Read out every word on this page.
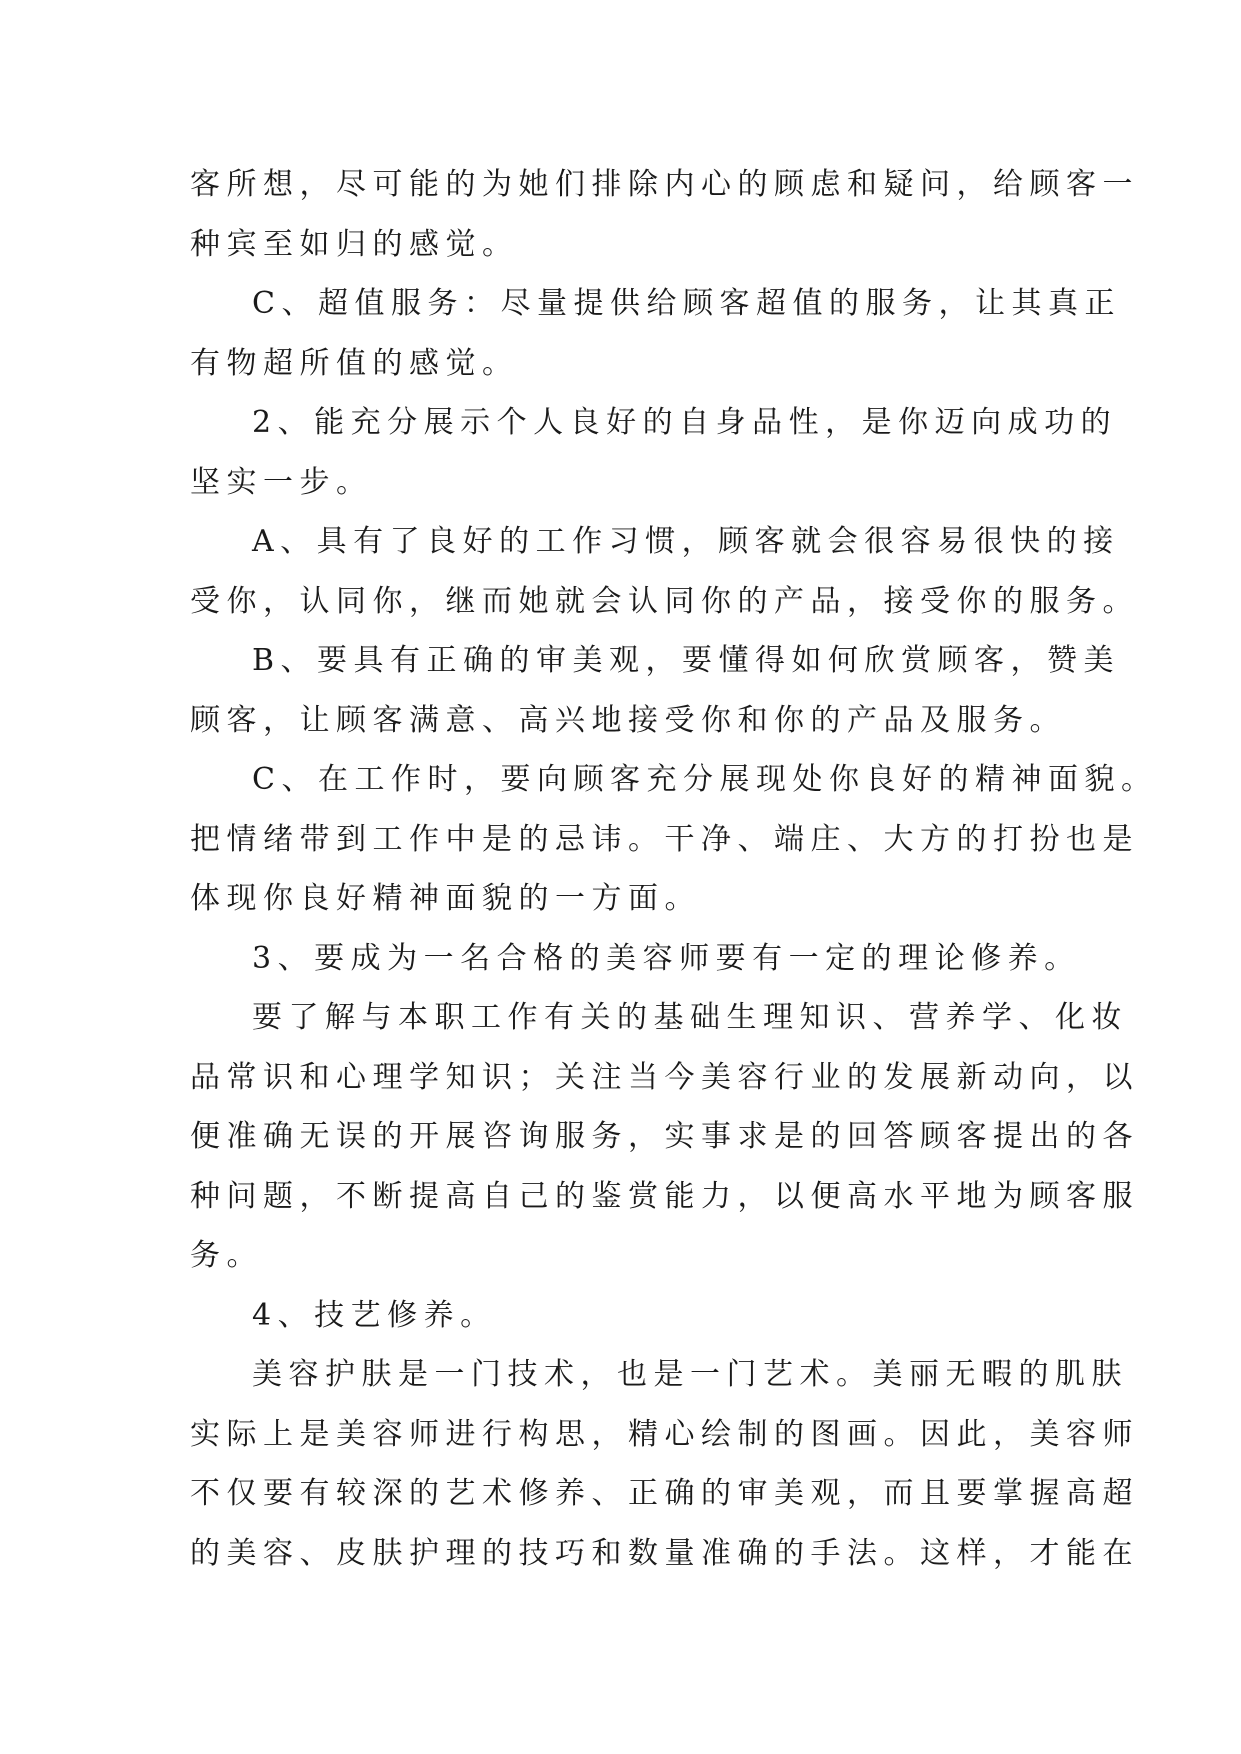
客所想，尽可能的为她们排除内心的顾虑和疑问，给顾客一
种宾至如归的感觉。
C、超值服务：尽量提供给顾客超值的服务，让其真正
有物超所值的感觉。
2、能充分展示个人良好的自身品性，是你迈向成功的
坚实一步。
A、具有了良好的工作习惯，顾客就会很容易很快的接
受你，认同你，继而她就会认同你的产品，接受你的服务。
B、要具有正确的审美观，要懂得如何欣赏顾客，赞美
顾客，让顾客满意、高兴地接受你和你的产品及服务。
C、在工作时，要向顾客充分展现处你良好的精神面貌。
把情绪带到工作中是的忌讳。干净、端庄、大方的打扮也是
体现你良好精神面貌的一方面。
3、要成为一名合格的美容师要有一定的理论修养。
要了解与本职工作有关的基础生理知识、营养学、化妆
品常识和心理学知识；关注当今美容行业的发展新动向，以
便准确无误的开展咨询服务，实事求是的回答顾客提出的各
种问题，不断提高自己的鉴赏能力，以便高水平地为顾客服
务。
4、技艺修养。
美容护肤是一门技术，也是一门艺术。美丽无暇的肌肤
实际上是美容师进行构思，精心绘制的图画。因此，美容师
不仅要有较深的艺术修养、正确的审美观，而且要掌握高超
的美容、皮肤护理的技巧和数量准确的手法。这样，才能在
